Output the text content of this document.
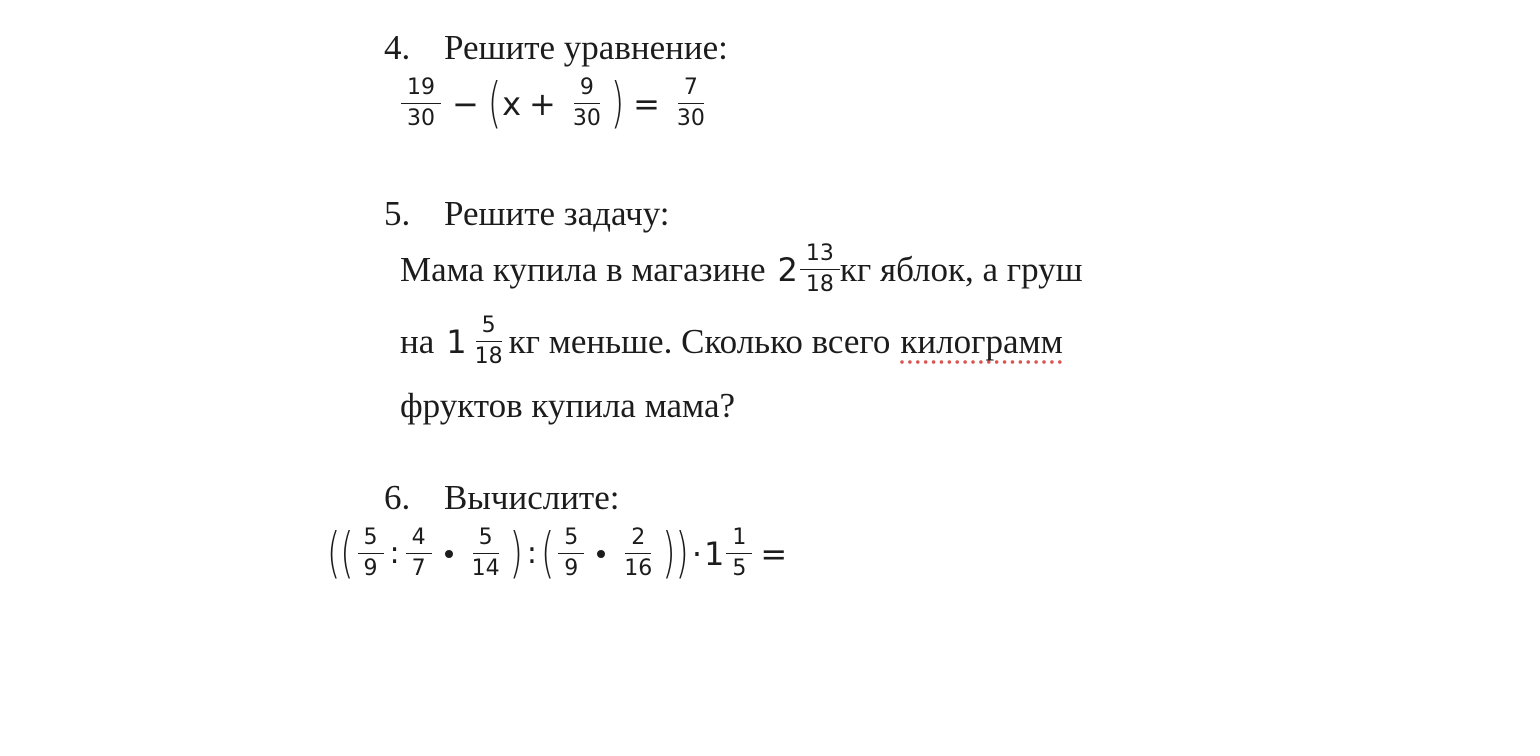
4. Решите уравнение:
$\frac{19}{30}$ − ( $x + \frac{9}{30}$ ) = $\frac{7}{30}$
5. Решите задачу:
Мама купила в магазине $2 \frac{13}{18}$ кг яблок, а груш
на $1 \frac{5}{18}$ кг меньше. Сколько всего килограмм
фруктов купила мама?
6. Вычислите:
(( $\frac{5}{9}$ : $\frac{4}{7} \frac{5}{14}$ ) : ( $\frac{5}{9} \frac{2}{16}$ )) · $1 \frac{1}{5}$ =
